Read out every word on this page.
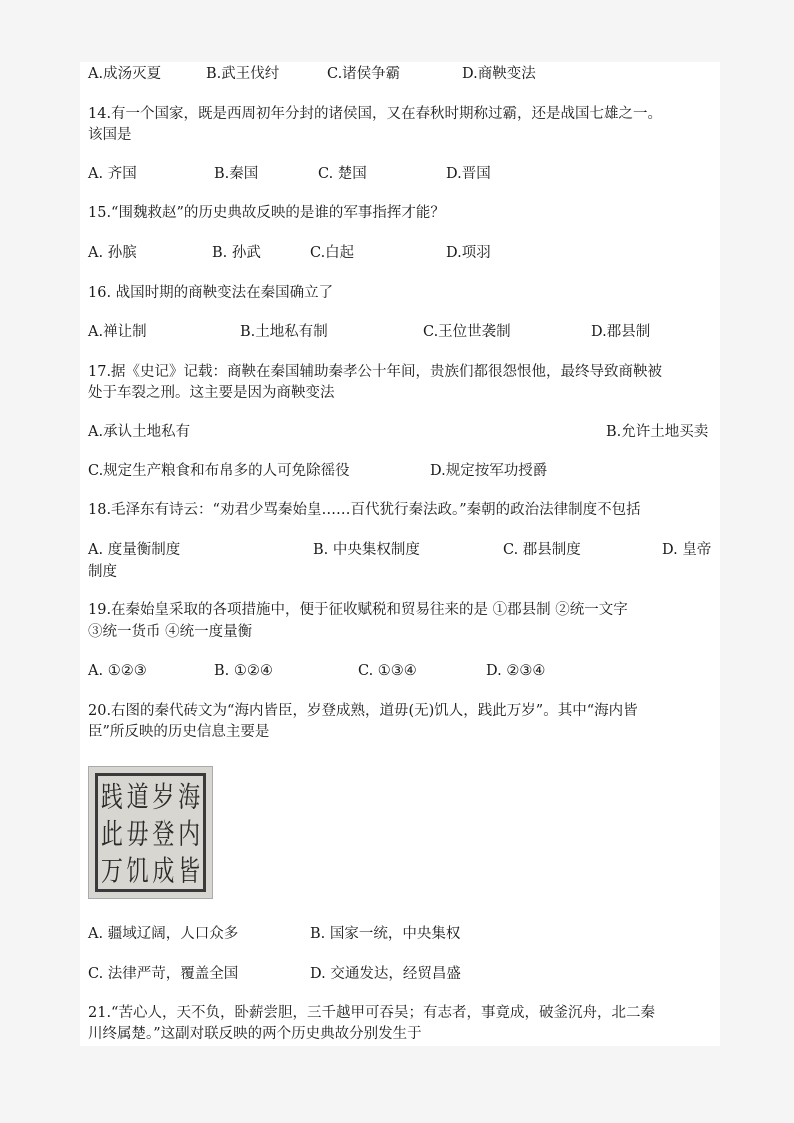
A.成汤灭夏	B.武王伐纣	C.诸侯争霸	D.商鞅变法
14.有一个国家，既是西周初年分封的诸侯国，又在春秋时期称过霸，还是战国七雄之一。
该国是
A. 齐国	B.秦国	C. 楚国	D.晋国
15.“围魏救赵”的历史典故反映的是谁的军事指挥才能？
A. 孙膑	B. 孙武	C.白起	D.项羽
16. 战国时期的商鞅变法在秦国确立了
A.禅让制	B.土地私有制	C.王位世袭制	D.郡县制
17.据《史记》记载：商鞅在秦国辅助秦孝公十年间，贵族们都很怨恨他，最终导致商鞅被
处于车裂之刑。这主要是因为商鞅变法
A.承认土地私有	B.允许土地买卖
C.规定生产粮食和布帛多的人可免除徭役	D.规定按军功授爵
18.毛泽东有诗云：“劝君少骂秦始皇……百代犹行秦法政。”秦朝的政治法律制度不包括
A. 度量衡制度	B. 中央集权制度	C. 郡县制度	D. 皇帝
制度
19.在秦始皇采取的各项措施中，便于征收赋税和贸易往来的是 ①郡县制 ②统一文字
③统一货币 ④统一度量衡
A. ①②③	B. ①②④	C. ①③④	D. ②③④
20.右图的秦代砖文为“海内皆臣，岁登成熟，道毋(无)饥人，践此万岁”。其中“海内皆
臣”所反映的历史信息主要是
践 道 岁 海
此 毋 登 内
万 饥 成 皆
A. 疆域辽阔，人口众多	B. 国家一统，中央集权
C. 法律严苛，覆盖全国	D. 交通发达，经贸昌盛
21.“苦心人，天不负，卧薪尝胆，三千越甲可吞吴；有志者，事竟成，破釜沉舟，北二秦
川终属楚。”这副对联反映的两个历史典故分别发生于
